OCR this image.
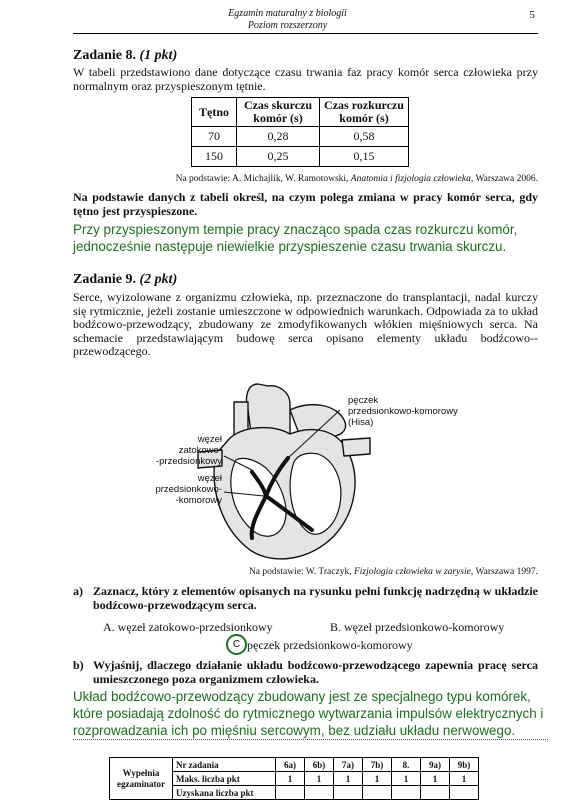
Egzamin maturalny z biologii
Poziom rozszerzony
5
Zadanie 8. (1 pkt)
W tabeli przedstawiono dane dotyczące czasu trwania faz pracy komór serca człowieka przy normalnym oraz przyspieszonym tętnie.
Tętno	Czas skurczu komór (s)	Czas rozkurczu komór (s)
70	0,28	0,58
150	0,25	0,15
Na podstawie: A. Michajlik, W. Ramotowski, Anatomia i fizjologia człowieka, Warszawa 2006.
Na podstawie danych z tabeli określ, na czym polega zmiana w pracy komór serca, gdy tętno jest przyspieszone.
Przy przyspieszonym tempie pracy znacząco spada czas rozkurczu komór, jednocześnie następuje niewielkie przyspieszenie czasu trwania skurczu.
Zadanie 9. (2 pkt)
Serce, wyizolowane z organizmu człowieka, np. przeznaczone do transplantacji, nadal kurczy się rytmicznie, jeżeli zostanie umieszczone w odpowiednich warunkach. Odpowiada za to układ bodźcowo-przewodzący, zbudowany ze zmodyfikowanych włókien mięśniowych serca. Na schemacie przedstawiającym budowę serca opisano elementy układu bodźcowo--przewodzącego.
pęczek
przedsionkowo-komorowy
(Hisa)
węzeł
zatokowo-
-przedsionkowy
węzeł
przedsionkowo-
-komorowy
Na podstawie: W. Traczyk, Fizjologia człowieka w zarysie, Warszawa 1997.
a) Zaznacz, który z elementów opisanych na rysunku pełni funkcję nadrzędną w układzie bodźcowo-przewodzącym serca.
A. węzeł zatokowo-przedsionkowy	B. węzeł przedsionkowo-komorowy
C pęczek przedsionkowo-komorowy
b) Wyjaśnij, dlaczego działanie układu bodźcowo-przewodzącego zapewnia pracę serca umieszczonego poza organizmem człowieka.
Układ bodźcowo-przewodzący zbudowany jest ze specjalnego typu komórek, które posiadają zdolność do rytmicznego wytwarzania impulsów elektrycznych i rozprowadzania ich po mięśniu sercowym, bez udziału układu nerwowego.
Wypełnia
egzaminator	Nr zadania	6a)	6b)	7a)	7b)	8.	9a)	9b)
	Maks. liczba pkt	1	1	1	1	1	1	1
	Uzyskana liczba pkt							
